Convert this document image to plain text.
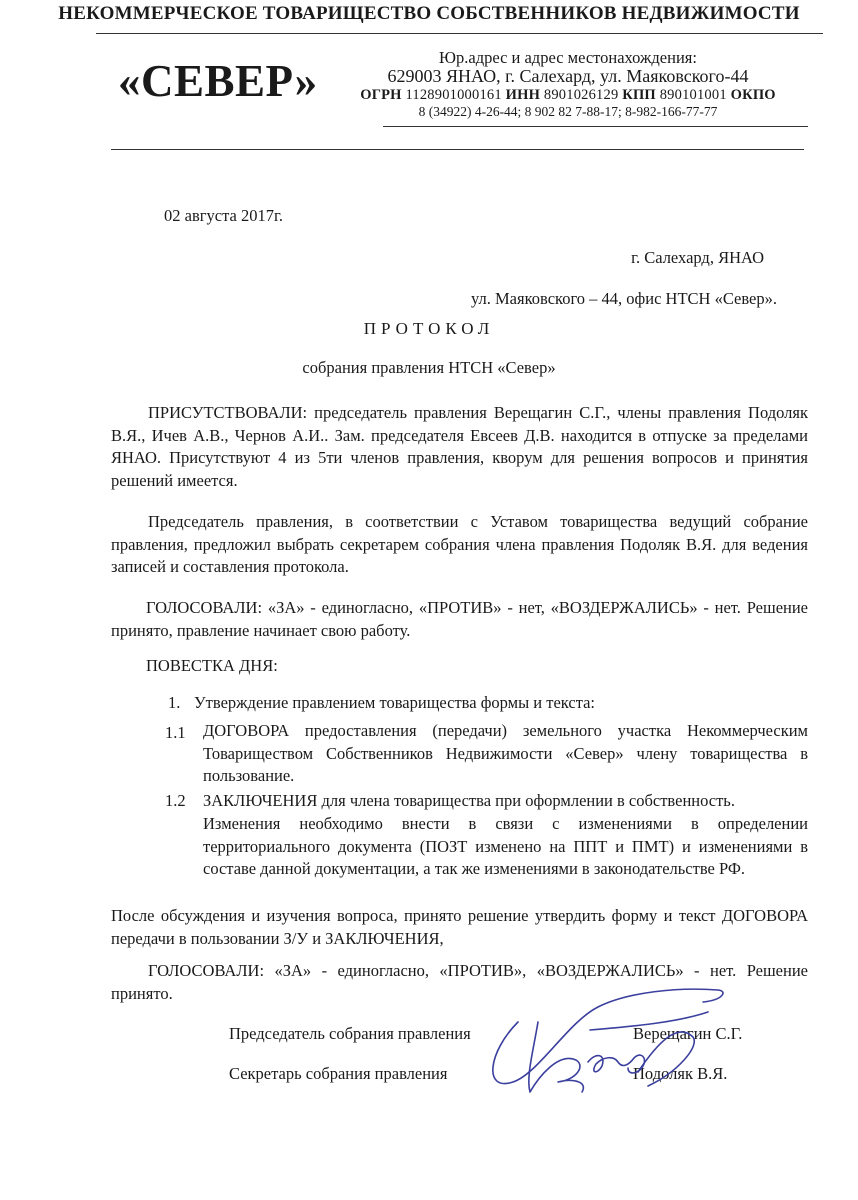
НЕКОММЕРЧЕСКОЕ ТОВАРИЩЕСТВО СОБСТВЕННИКОВ НЕДВИЖИМОСТИ
«СЕВЕР»	Юр.адрес и адрес местонахождения:
629003 ЯНАО, г. Салехард, ул. Маяковского-44
ОГРН 1128901000161 ИНН 8901026129 КПП 890101001 ОКПО
8 (34922) 4-26-44; 8 902 82 7-88-17; 8-982-166-77-77
02 августа 2017г.
г. Салехард, ЯНАО
ул. Маяковского – 44, офис НТСН «Север».
ПРОТОКОЛ
собрания правления НТСН «Север»

ПРИСУТСТВОВАЛИ: председатель правления Верещагин С.Г., члены правления Подоляк В.Я., Ичев А.В., Чернов А.И.. Зам. председателя Евсеев Д.В. находится в отпуске за пределами ЯНАО. Присутствуют 4 из 5ти членов правления, кворум для решения вопросов и принятия решений имеется.

Председатель правления, в соответствии с Уставом товарищества ведущий собрание правления, предложил выбрать секретарем собрания члена правления Подоляк В.Я. для ведения записей и составления протокола.

ГОЛОСОВАЛИ: «ЗА» - единогласно, «ПРОТИВ» - нет, «ВОЗДЕРЖАЛИСЬ» - нет. Решение принято, правление начинает свою работу.

ПОВЕСТКА ДНЯ:
1. Утверждение правлением товарищества формы и текста:
1.1 ДОГОВОРА предоставления (передачи) земельного участка Некоммерческим Товариществом Собственников Недвижимости «Север» члену товарищества в пользование.

1.2 ЗАКЛЮЧЕНИЯ для члена товарищества при оформлении в собственность.

Изменения необходимо внести в связи с изменениями в определении территориального документа (ПОЗТ изменено на ППТ и ПМТ) и изменениями в составе данной документации, а так же изменениями в законодательстве РФ.

После обсуждения и изучения вопроса, принято решение утвердить форму и текст ДОГОВОРА передачи в пользовании З/У и ЗАКЛЮЧЕНИЯ,

ГОЛОСОВАЛИ: «ЗА» - единогласно, «ПРОТИВ», «ВОЗДЕРЖАЛИСЬ» - нет. Решение принято.

Председатель собрания правления	Верещагин С.Г.
Секретарь собрания правления	Подоляк В.Я.
